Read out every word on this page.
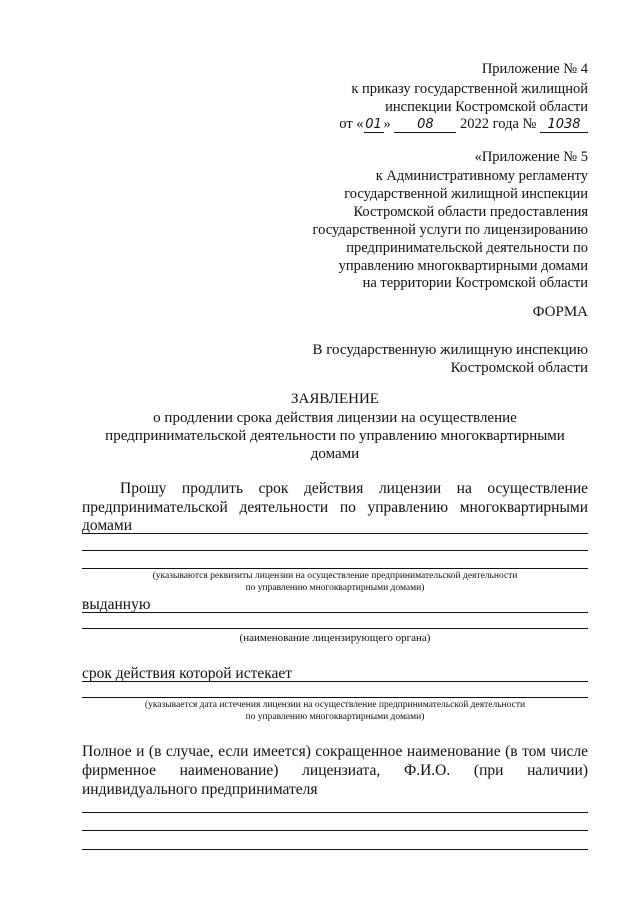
Приложение № 4
к приказу государственной жилищной
инспекции Костромской области
от « 01 » 08 2022 года № 1038
«Приложение № 5
к Административному регламенту
государственной жилищной инспекции
Костромской области предоставления
государственной услуги по лицензированию
предпринимательской деятельности по
управлению многоквартирными домами
на территории Костромской области
ФОРМА
В государственную жилищную инспекцию
Костромской области
ЗАЯВЛЕНИЕ
о продлении срока действия лицензии на осуществление
предпринимательской деятельности по управлению многоквартирными
домами
Прошу продлить срок действия лицензии на осуществление
предпринимательской деятельности по управлению многоквартирными
домами
(указываются реквизиты лицензии на осуществление предпринимательской деятельности
по управлению многоквартирными домами)
выданную
(наименование лицензирующего органа)
срок действия которой истекает
(указывается дата истечения лицензии на осуществление предпринимательской деятельности
по управлению многоквартирными домами)
Полное и (в случае, если имеется) сокращенное наименование (в том числе
фирменное наименование) лицензиата, Ф.И.О. (при наличии)
индивидуального предпринимателя
